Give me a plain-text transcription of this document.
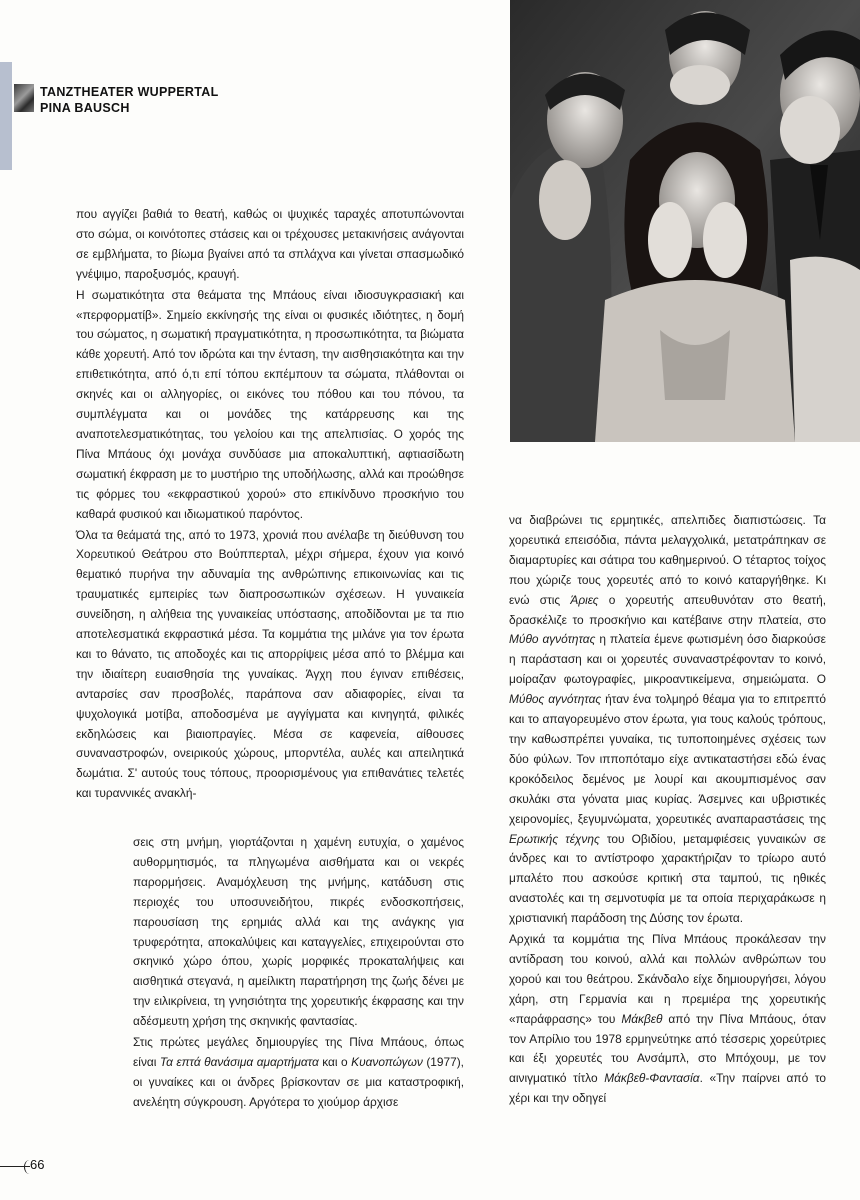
TANZTHEATER WUPPERTAL
PINA BAUSCH

που αγγίζει βαθιά το θεατή, καθώς οι ψυχικές ταραχές αποτυπώνονται στο σώμα, οι κοινότοπες στάσεις και οι τρέχουσες μετακινήσεις ανάγονται σε εμβλήματα, το βίωμα βγαίνει από τα σπλάχνα και γίνεται σπασμωδικό γνέψιμο, παροξυσμός, κραυγή.

Η σωματικότητα στα θεάματα της Μπάους είναι ιδιοσυγκρασιακή και «περφορματίβ». Σημείο εκκίνησής της είναι οι φυσικές ιδιότητες, η δομή του σώματος, η σωματική πραγματικότητα, η προσωπικότητα, τα βιώματα κάθε χορευτή. Από τον ιδρώτα και την ένταση, την αισθησιακότητα και την επιθετικότητα, από ό,τι επί τόπου εκπέμπουν τα σώματα, πλάθονται οι σκηνές και οι αλληγορίες, οι εικόνες του πόθου και του πόνου, τα συμπλέγματα και οι μονάδες της κατάρρευσης και της αναποτελεσματικότητας, του γελοίου και της απελπισίας. Ο χορός της Πίνα Μπάους όχι μονάχα συνδύασε μια αποκαλυπτική, αφτιασίδωτη σωματική έκφραση με το μυστήριο της υποδήλωσης, αλλά και προώθησε τις φόρμες του «εκφραστικού χορού» στο επικίνδυνο προσκήνιο του καθαρά φυσικού και ιδιωματικού παρόντος.

Όλα τα θεάματά της, από το 1973, χρονιά που ανέλαβε τη διεύθυνση του Χορευτικού Θεάτρου στο Βούππερταλ, μέχρι σήμερα, έχουν για κοινό θεματικό πυρήνα την αδυναμία της ανθρώπινης επικοινωνίας και τις τραυματικές εμπειρίες των διαπροσωπικών σχέσεων. Η γυναικεία συνείδηση, η αλήθεια της γυναικείας υπόστασης, αποδίδονται με τα πιο αποτελεσματικά εκφραστικά μέσα. Τα κομμάτια της μιλάνε για τον έρωτα και το θάνατο, τις αποδοχές και τις απορρίψεις μέσα από το βλέμμα και την ιδιαίτερη ευαισθησία της γυναίκας. Άγχη που έγιναν επιθέσεις, ανταρσίες σαν προσβολές, παράπονα σαν αδιαφορίες, είναι τα ψυχολογικά μοτίβα, αποδοσμένα με αγγίγματα και κινηγητά, φιλικές εκδηλώσεις και βιαιοπραγίες. Μέσα σε καφενεία, αίθουσες συναναστροφών, ονειρικούς χώρους, μπορντέλα, αυλές και απειλητικά δωμάτια. Σ' αυτούς τους τόπους, προορισμένους για επιθανάτιες τελετές και τυραννικές ανακλή-

σεις στη μνήμη, γιορτάζονται η χαμένη ευτυχία, ο χαμένος αυθορμητισμός, τα πληγωμένα αισθήματα και οι νεκρές παρορμήσεις. Αναμόχλευση της μνήμης, κατάδυση στις περιοχές του υποσυνειδήτου, πικρές ενδοσκοπήσεις, παρουσίαση της ερημιάς αλλά και της ανάγκης για τρυφερότητα, αποκαλύψεις και καταγγελίες, επιχειρούνται στο σκηνικό χώρο όπου, χωρίς μορφικές προκαταλήψεις και αισθητικά στεγανά, η αμείλικτη παρατήρηση της ζωής δένει με την ειλικρίνεια, τη γνησιότητα της χορευτικής έκφρασης και την αδέσμευτη χρήση της σκηνικής φαντασίας.

Στις πρώτες μεγάλες δημιουργίες της Πίνα Μπάους, όπως είναι Τα επτά θανάσιμα αμαρτήματα και ο Κυανοπώγων (1977), οι γυναίκες και οι άνδρες βρίσκονταν σε μια καταστροφική, ανελέητη σύγκρουση. Αργότερα το χιούμορ άρχισε

να διαβρώνει τις ερμητικές, απελπιδες διαπιστώσεις. Τα χορευτικά επεισόδια, πάντα μελαγχολικά, μετατράπηκαν σε διαμαρτυρίες και σάτιρα του καθημερινού. Ο τέταρτος τοίχος που χώριζε τους χορευτές από το κοινό καταργήθηκε. Κι ενώ στις Άριες ο χορευτής απευθυνόταν στο θεατή, δρασκέλιζε το προσκήνιο και κατέβαινε στην πλατεία, στο Μύθο αγνότητας η πλατεία έμενε φωτισμένη όσο διαρκούσε η παράσταση και οι χορευτές συναναστρέφονταν το κοινό, μοίραζαν φωτογραφίες, μικροαντικείμενα, σημειώματα. Ο Μύθος αγνότητας ήταν ένα τολμηρό θέαμα για το επιτρεπτό και το απαγορευμένο στον έρωτα, για τους καλούς τρόπους, την καθωσπρέπει γυναίκα, τις τυποποιημένες σχέσεις των δύο φύλων. Τον ιπποπόταμο είχε αντικαταστήσει εδώ ένας κροκόδειλος δεμένος με λουρί και ακουμπισμένος σαν σκυλάκι στα γόνατα μιας κυρίας. Άσεμνες και υβριστικές χειρονομίες, ξεγυμνώματα, χορευτικές αναπαραστάσεις της Ερωτικής τέχνης του Οβιδίου, μεταμφιέσεις γυναικών σε άνδρες και το αντίστροφο χαρακτήριζαν το τρίωρο αυτό μπαλέτο που ασκούσε κριτική στα ταμπού, τις ηθικές αναστολές και τη σεμνοτυφία με τα οποία περιχαράκωσε η χριστιανική παράδοση της Δύσης τον έρωτα.

Αρχικά τα κομμάτια της Πίνα Μπάους προκάλεσαν την αντίδραση του κοινού, αλλά και πολλών ανθρώπων του χορού και του θεάτρου. Σκάνδαλο είχε δημιουργήσει, λόγου χάρη, στη Γερμανία και η πρεμιέρα της χορευτικής «παράφρασης» του Μάκβεθ από την Πίνα Μπάους, όταν τον Απρίλιο του 1978 ερμηνεύτηκε από τέσσερις χορεύτριες και έξι χορευτές του Ανσάμπλ, στο Μπόχουμ, με τον αινιγματικό τίτλο Μάκβεθ-Φαντασία. «Την παίρνει από το χέρι και την οδηγεί

66
